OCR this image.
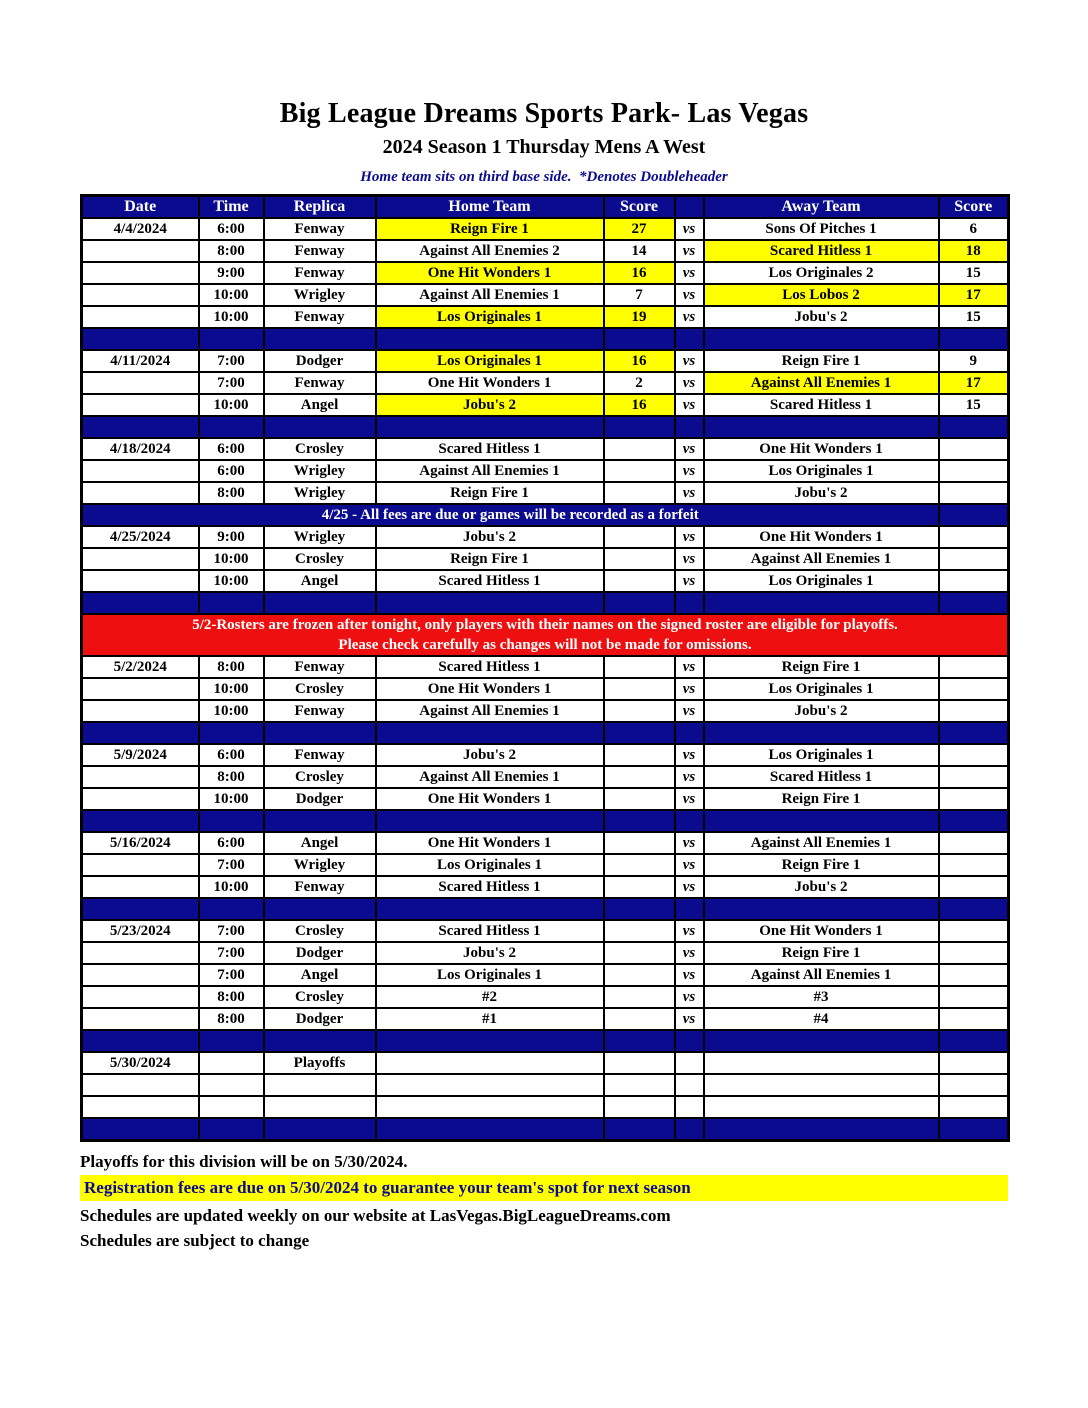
Big League Dreams Sports Park- Las Vegas
2024 Season 1 Thursday Mens A West
Home team sits on third base side.  *Denotes Doubleheader
Date	Time	Replica	Home Team	Score		Away Team	Score
4/4/2024	6:00	Fenway	Reign Fire 1	27	vs	Sons Of Pitches 1	6
	8:00	Fenway	Against All Enemies 2	14	vs	Scared Hitless 1	18
	9:00	Fenway	One Hit Wonders 1	16	vs	Los Originales 2	15
	10:00	Wrigley	Against All Enemies 1	7	vs	Los Lobos 2	17
	10:00	Fenway	Los Originales 1	19	vs	Jobu's 2	15

4/11/2024	7:00	Dodger	Los Originales 1	16	vs	Reign Fire 1	9
	7:00	Fenway	One Hit Wonders 1	2	vs	Against All Enemies 1	17
	10:00	Angel	Jobu's 2	16	vs	Scared Hitless 1	15

4/18/2024	6:00	Crosley	Scared Hitless 1		vs	One Hit Wonders 1	
	6:00	Wrigley	Against All Enemies 1		vs	Los Originales 1	
	8:00	Wrigley	Reign Fire 1		vs	Jobu's 2	
4/25 - All fees are due or games will be recorded as a forfeit							
4/25/2024	9:00	Wrigley	Jobu's 2		vs	One Hit Wonders 1	
	10:00	Crosley	Reign Fire 1		vs	Against All Enemies 1	
	10:00	Angel	Scared Hitless 1		vs	Los Originales 1	

5/2-Rosters are frozen after tonight, only players with their names on the signed roster are eligible for playoffs.
Please check carefully as changes will not be made for omissions.							

5/2/2024	8:00	Fenway	Scared Hitless 1		vs	Reign Fire 1	
	10:00	Crosley	One Hit Wonders 1		vs	Los Originales 1	
	10:00	Fenway	Against All Enemies 1		vs	Jobu's 2	

5/9/2024	6:00	Fenway	Jobu's 2		vs	Los Originales 1	
	8:00	Crosley	Against All Enemies 1		vs	Scared Hitless 1	
	10:00	Dodger	One Hit Wonders 1		vs	Reign Fire 1	

5/16/2024	6:00	Angel	One Hit Wonders 1		vs	Against All Enemies 1	
	7:00	Wrigley	Los Originales 1		vs	Reign Fire 1	
	10:00	Fenway	Scared Hitless 1		vs	Jobu's 2	

5/23/2024	7:00	Crosley	Scared Hitless 1		vs	One Hit Wonders 1	
	7:00	Dodger	Jobu's 2		vs	Reign Fire 1	
	7:00	Angel	Los Originales 1		vs	Against All Enemies 1	
	8:00	Crosley	#2		vs	#3	
	8:00	Dodger	#1		vs	#4	

5/30/2024		Playoffs					

Playoffs for this division will be on 5/30/2024.
Registration fees are due on 5/30/2024 to guarantee your team's spot for next season
Schedules are updated weekly on our website at LasVegas.BigLeagueDreams.com
Schedules are subject to change
